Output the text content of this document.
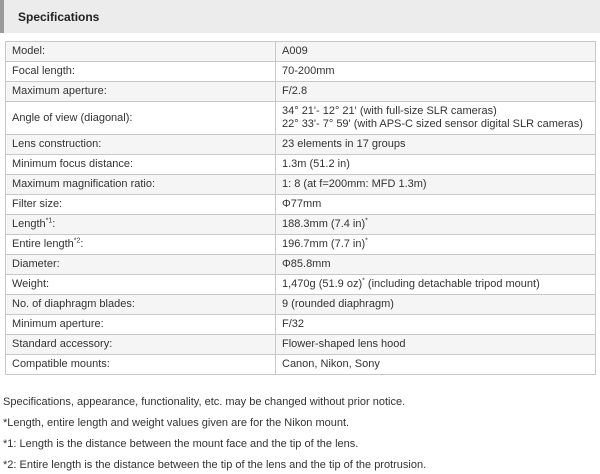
Specifications
Model:	A009
Focal length:	70-200mm
Maximum aperture:	F/2.8
Angle of view (diagonal):	34° 21'- 12° 21' (with full-size SLR cameras)
22° 33'- 7° 59' (with APS-C sized sensor digital SLR cameras)
Lens construction:	23 elements in 17 groups
Minimum focus distance:	1.3m (51.2 in)
Maximum magnification ratio:	1: 8 (at f=200mm: MFD 1.3m)
Filter size:	Φ77mm
Length$^{*1}$:	188.3mm (7.4 in)*
Entire length$^{*2}$:	196.7mm (7.7 in)*
Diameter:	Φ85.8mm
Weight:	1,470g (51.9 oz)* (including detachable tripod mount)
No. of diaphragm blades:	9 (rounded diaphragm)
Minimum aperture:	F/32
Standard accessory:	Flower-shaped lens hood
Compatible mounts:	Canon, Nikon, Sony
Specifications, appearance, functionality, etc. may be changed without prior notice.
*Length, entire length and weight values given are for the Nikon mount.
*1: Length is the distance between the mount face and the tip of the lens.
*2: Entire length is the distance between the tip of the lens and the tip of the protrusion.
